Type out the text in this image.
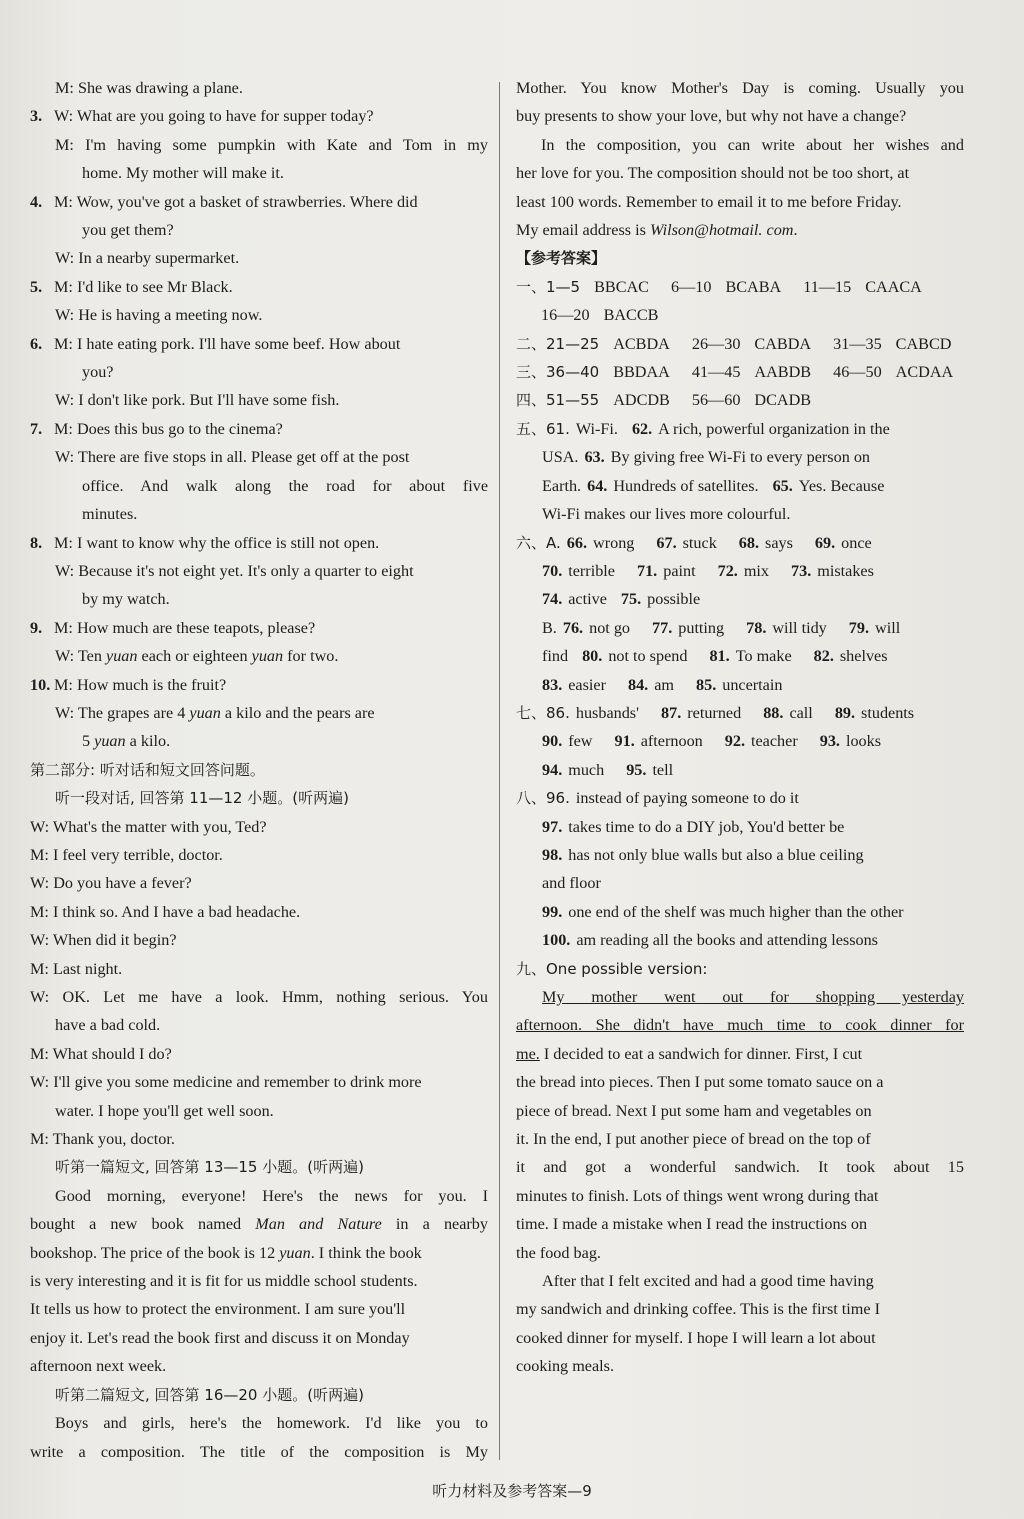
M: She was drawing a plane.
3. W: What are you going to have for supper today?
M: I'm having some pumpkin with Kate and Tom in my
home. My mother will make it.
4. M: Wow, you've got a basket of strawberries. Where did
you get them?
W: In a nearby supermarket.
5. M: I'd like to see Mr Black.
W: He is having a meeting now.
6. M: I hate eating pork. I'll have some beef. How about
you?
W: I don't like pork. But I'll have some fish.
7. M: Does this bus go to the cinema?
W: There are five stops in all. Please get off at the post
office. And walk along the road for about five
minutes.
8. M: I want to know why the office is still not open.
W: Because it's not eight yet. It's only a quarter to eight
by my watch.
9. M: How much are these teapots, please?
W: Ten yuan each or eighteen yuan for two.
10. M: How much is the fruit?
W: The grapes are 4 yuan a kilo and the pears are
5 yuan a kilo.
第二部分: 听对话和短文回答问题。
听一段对话, 回答第 11—12 小题。(听两遍)
W: What's the matter with you, Ted?
M: I feel very terrible, doctor.
W: Do you have a fever?
M: I think so. And I have a bad headache.
W: When did it begin?
M: Last night.
W: OK. Let me have a look. Hmm, nothing serious. You
have a bad cold.
M: What should I do?
W: I'll give you some medicine and remember to drink more
water. I hope you'll get well soon.
M: Thank you, doctor.
听第一篇短文, 回答第 13—15 小题。(听两遍)
Good morning, everyone! Here's the news for you. I
bought a new book named Man and Nature in a nearby
bookshop. The price of the book is 12 yuan. I think the book
is very interesting and it is fit for us middle school students.
It tells us how to protect the environment. I am sure you'll
enjoy it. Let's read the book first and discuss it on Monday
afternoon next week.
听第二篇短文, 回答第 16—20 小题。(听两遍)
Boys and girls, here's the homework. I'd like you to
write a composition. The title of the composition is My
Mother. You know Mother's Day is coming. Usually you
buy presents to show your love, but why not have a change?
In the composition, you can write about her wishes and
her love for you. The composition should not be too short, at
least 100 words. Remember to email it to me before Friday.
My email address is Wilson@hotmail. com.
【参考答案】
一、1—5 BBCAC 6—10 BCABA 11—15 CAACA
16—20 BACCB
二、21—25 ACBDA 26—30 CABDA 31—35 CABCD
三、36—40 BBDAA 41—45 AABDB 46—50 ACDAA
四、51—55 ADCDB 56—60 DCADB
五、61. Wi-Fi. 62. A rich, powerful organization in the
USA. 63. By giving free Wi-Fi to every person on
Earth. 64. Hundreds of satellites. 65. Yes. Because
Wi-Fi makes our lives more colourful.
六、A. 66. wrong 67. stuck 68. says 69. once
70. terrible 71. paint 72. mix 73. mistakes
74. active 75. possible
B. 76. not go 77. putting 78. will tidy 79. will
find 80. not to spend 81. To make 82. shelves
83. easier 84. am 85. uncertain
七、86. husbands' 87. returned 88. call 89. students
90. few 91. afternoon 92. teacher 93. looks
94. much 95. tell
八、96. instead of paying someone to do it
97. takes time to do a DIY job, You'd better be
98. has not only blue walls but also a blue ceiling
and floor
99. one end of the shelf was much higher than the other
100. am reading all the books and attending lessons
九、One possible version:
My mother went out for shopping yesterday
afternoon. She didn't have much time to cook dinner for
me. I decided to eat a sandwich for dinner. First, I cut
the bread into pieces. Then I put some tomato sauce on a
piece of bread. Next I put some ham and vegetables on
it. In the end, I put another piece of bread on the top of
it and got a wonderful sandwich. It took about 15
minutes to finish. Lots of things went wrong during that
time. I made a mistake when I read the instructions on
the food bag.
After that I felt excited and had a good time having
my sandwich and drinking coffee. This is the first time I
cooked dinner for myself. I hope I will learn a lot about
cooking meals.
听力材料及参考答案—9
